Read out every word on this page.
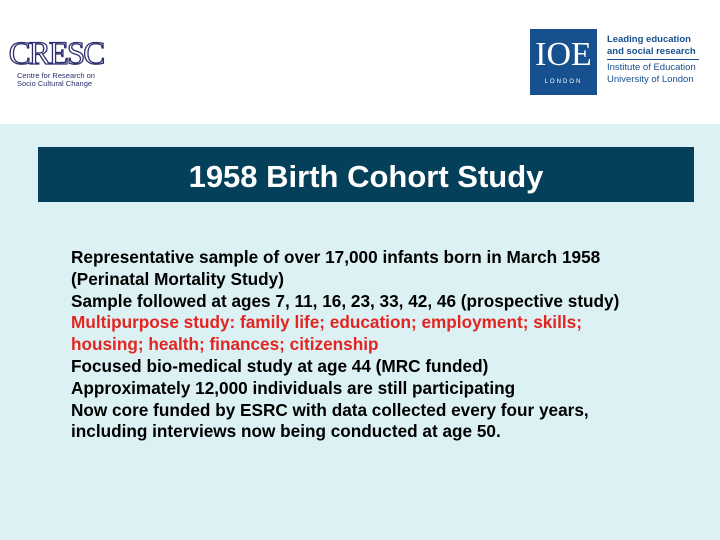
CRESC
Centre for Research on
Socio Cultural Change
IOE
LONDON
Leading education
and social research
Institute of Education
University of London
1958 Birth Cohort Study
Representative sample of over 17,000 infants born in March 1958
(Perinatal Mortality Study)
Sample followed at ages 7, 11, 16, 23, 33, 42, 46 (prospective study)
Multipurpose study: family life; education; employment; skills;
housing; health; finances; citizenship
Focused bio-medical study at age 44 (MRC funded)
Approximately 12,000 individuals are still participating
Now core funded by ESRC with data collected every four years,
including interviews now being conducted at age 50.
